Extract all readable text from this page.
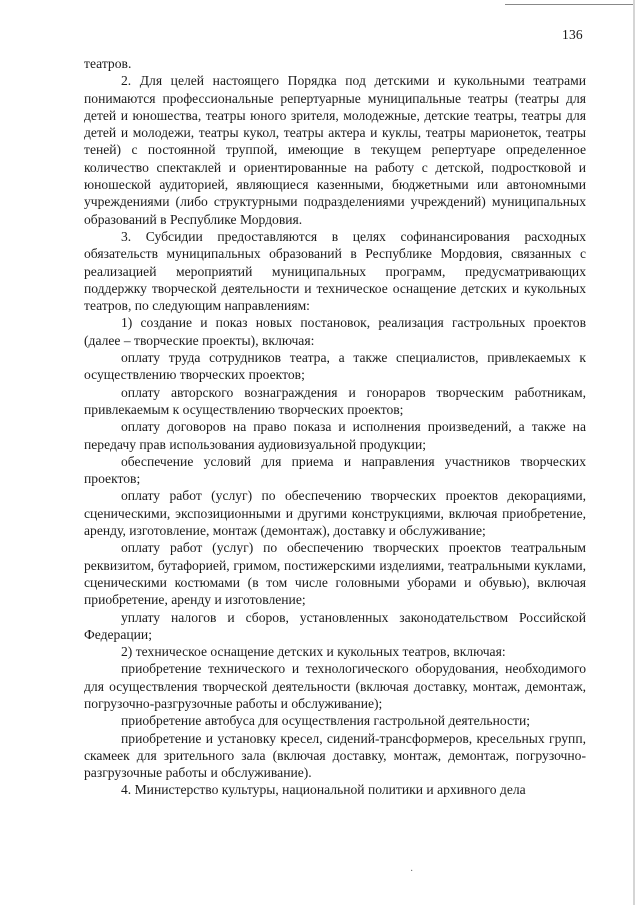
136

театров.

2. Для целей настоящего Порядка под детскими и кукольными театрами понимаются профессиональные репертуарные муниципальные театры (театры для детей и юношества, театры юного зрителя, молодежные, детские театры, театры для детей и молодежи, театры кукол, театры актера и куклы, театры марионеток, театры теней) с постоянной труппой, имеющие в текущем репертуаре определенное количество спектаклей и ориентированные на работу с детской, подростковой и юношеской аудиторией, являющиеся казенными, бюджетными или автономными учреждениями (либо структурными подразделениями учреждений) муниципальных образований в Республике Мордовия.

3. Субсидии предоставляются в целях софинансирования расходных обязательств муниципальных образований в Республике Мордовия, связанных с реализацией мероприятий муниципальных программ, предусматривающих поддержку творческой деятельности и техническое оснащение детских и кукольных театров, по следующим направлениям:

1) создание и показ новых постановок, реализация гастрольных проектов (далее – творческие проекты), включая:

оплату труда сотрудников театра, а также специалистов, привлекаемых к осуществлению творческих проектов;

оплату авторского вознаграждения и гонораров творческим работникам, привлекаемым к осуществлению творческих проектов;

оплату договоров на право показа и исполнения произведений, а также на передачу прав использования аудиовизуальной продукции;

обеспечение условий для приема и направления участников творческих проектов;

оплату работ (услуг) по обеспечению творческих проектов декорациями, сценическими, экспозиционными и другими конструкциями, включая приобретение, аренду, изготовление, монтаж (демонтаж), доставку и обслуживание;

оплату работ (услуг) по обеспечению творческих проектов театральным реквизитом, бутафорией, гримом, постижерскими изделиями, театральными куклами, сценическими костюмами (в том числе головными уборами и обувью), включая приобретение, аренду и изготовление;

уплату налогов и сборов, установленных законодательством Российской Федерации;

2) техническое оснащение детских и кукольных театров, включая:

приобретение технического и технологического оборудования, необходимого для осуществления творческой деятельности (включая доставку, монтаж, демонтаж, погрузочно-разгрузочные работы и обслуживание);

приобретение автобуса для осуществления гастрольной деятельности;

приобретение и установку кресел, сидений-трансформеров, кресельных групп, скамеек для зрительного зала (включая доставку, монтаж, демонтаж, погрузочно-разгрузочные работы и обслуживание).

4. Министерство культуры, национальной политики и архивного дела

·
